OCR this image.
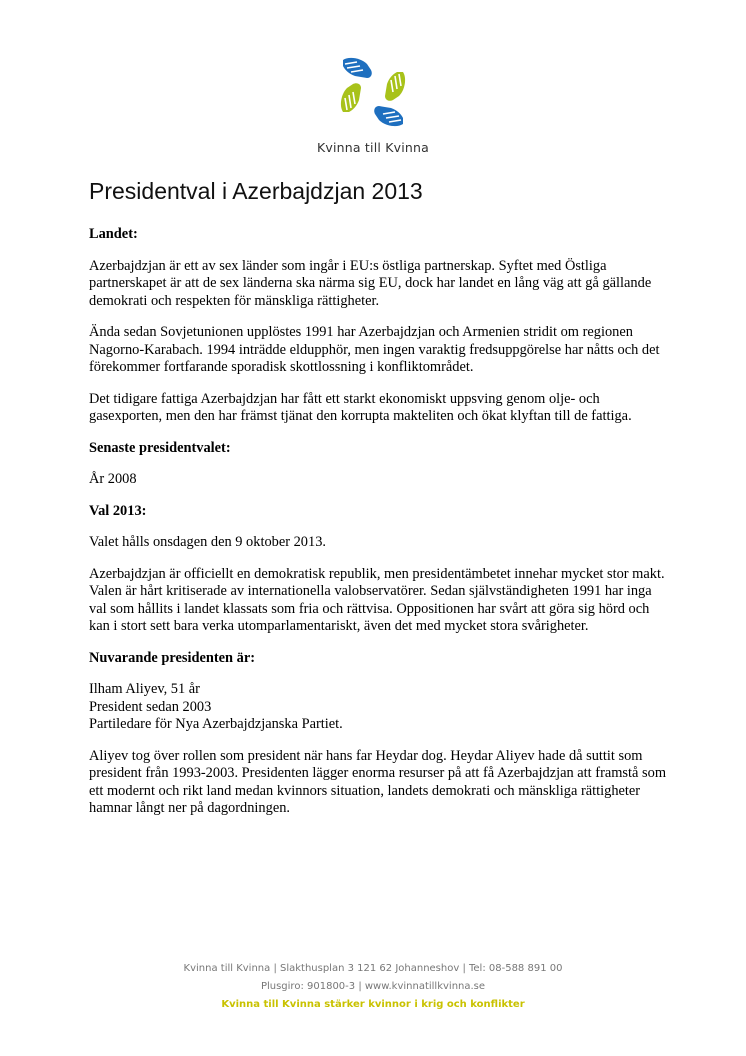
Kvinna till Kvinna
Presidentval i Azerbajdzjan 2013
Landet:

Azerbajdzjan är ett av sex länder som ingår i EU:s östliga partnerskap. Syftet med Östliga partnerskapet är att de sex länderna ska närma sig EU, dock har landet en lång väg att gå gällande demokrati och respekten för mänskliga rättigheter.

Ända sedan Sovjetunionen upplöstes 1991 har Azerbajdzjan och Armenien stridit om regionen Nagorno-Karabach. 1994 inträdde eldupphör, men ingen varaktig fredsuppgörelse har nåtts och det förekommer fortfarande sporadisk skottlossning i konfliktområdet.

Det tidigare fattiga Azerbajdzjan har fått ett starkt ekonomiskt uppsving genom olje- och gasexporten, men den har främst tjänat den korrupta makteliten och ökat klyftan till de fattiga.

Senaste presidentvalet:

År 2008

Val 2013:

Valet hålls onsdagen den 9 oktober 2013.

Azerbajdzjan är officiellt en demokratisk republik, men presidentämbetet innehar mycket stor makt. Valen är hårt kritiserade av internationella valobservatörer. Sedan självständigheten 1991 har inga val som hållits i landet klassats som fria och rättvisa. Oppositionen har svårt att göra sig hörd och kan i stort sett bara verka utomparlamentariskt, även det med mycket stora svårigheter.

Nuvarande presidenten är:

Ilham Aliyev, 51 år
President sedan 2003
Partiledare för Nya Azerbajdzjanska Partiet.

Aliyev tog över rollen som president när hans far Heydar dog. Heydar Aliyev hade då suttit som president från 1993-2003. Presidenten lägger enorma resurser på att få Azerbajdzjan att framstå som ett modernt och rikt land medan kvinnors situation, landets demokrati och mänskliga rättigheter hamnar långt ner på dagordningen.

Kvinna till Kvinna | Slakthusplan 3 121 62 Johanneshov | Tel: 08-588 891 00
Plusgiro: 901800-3 | www.kvinnatillkvinna.se
Kvinna till Kvinna stärker kvinnor i krig och konflikter
